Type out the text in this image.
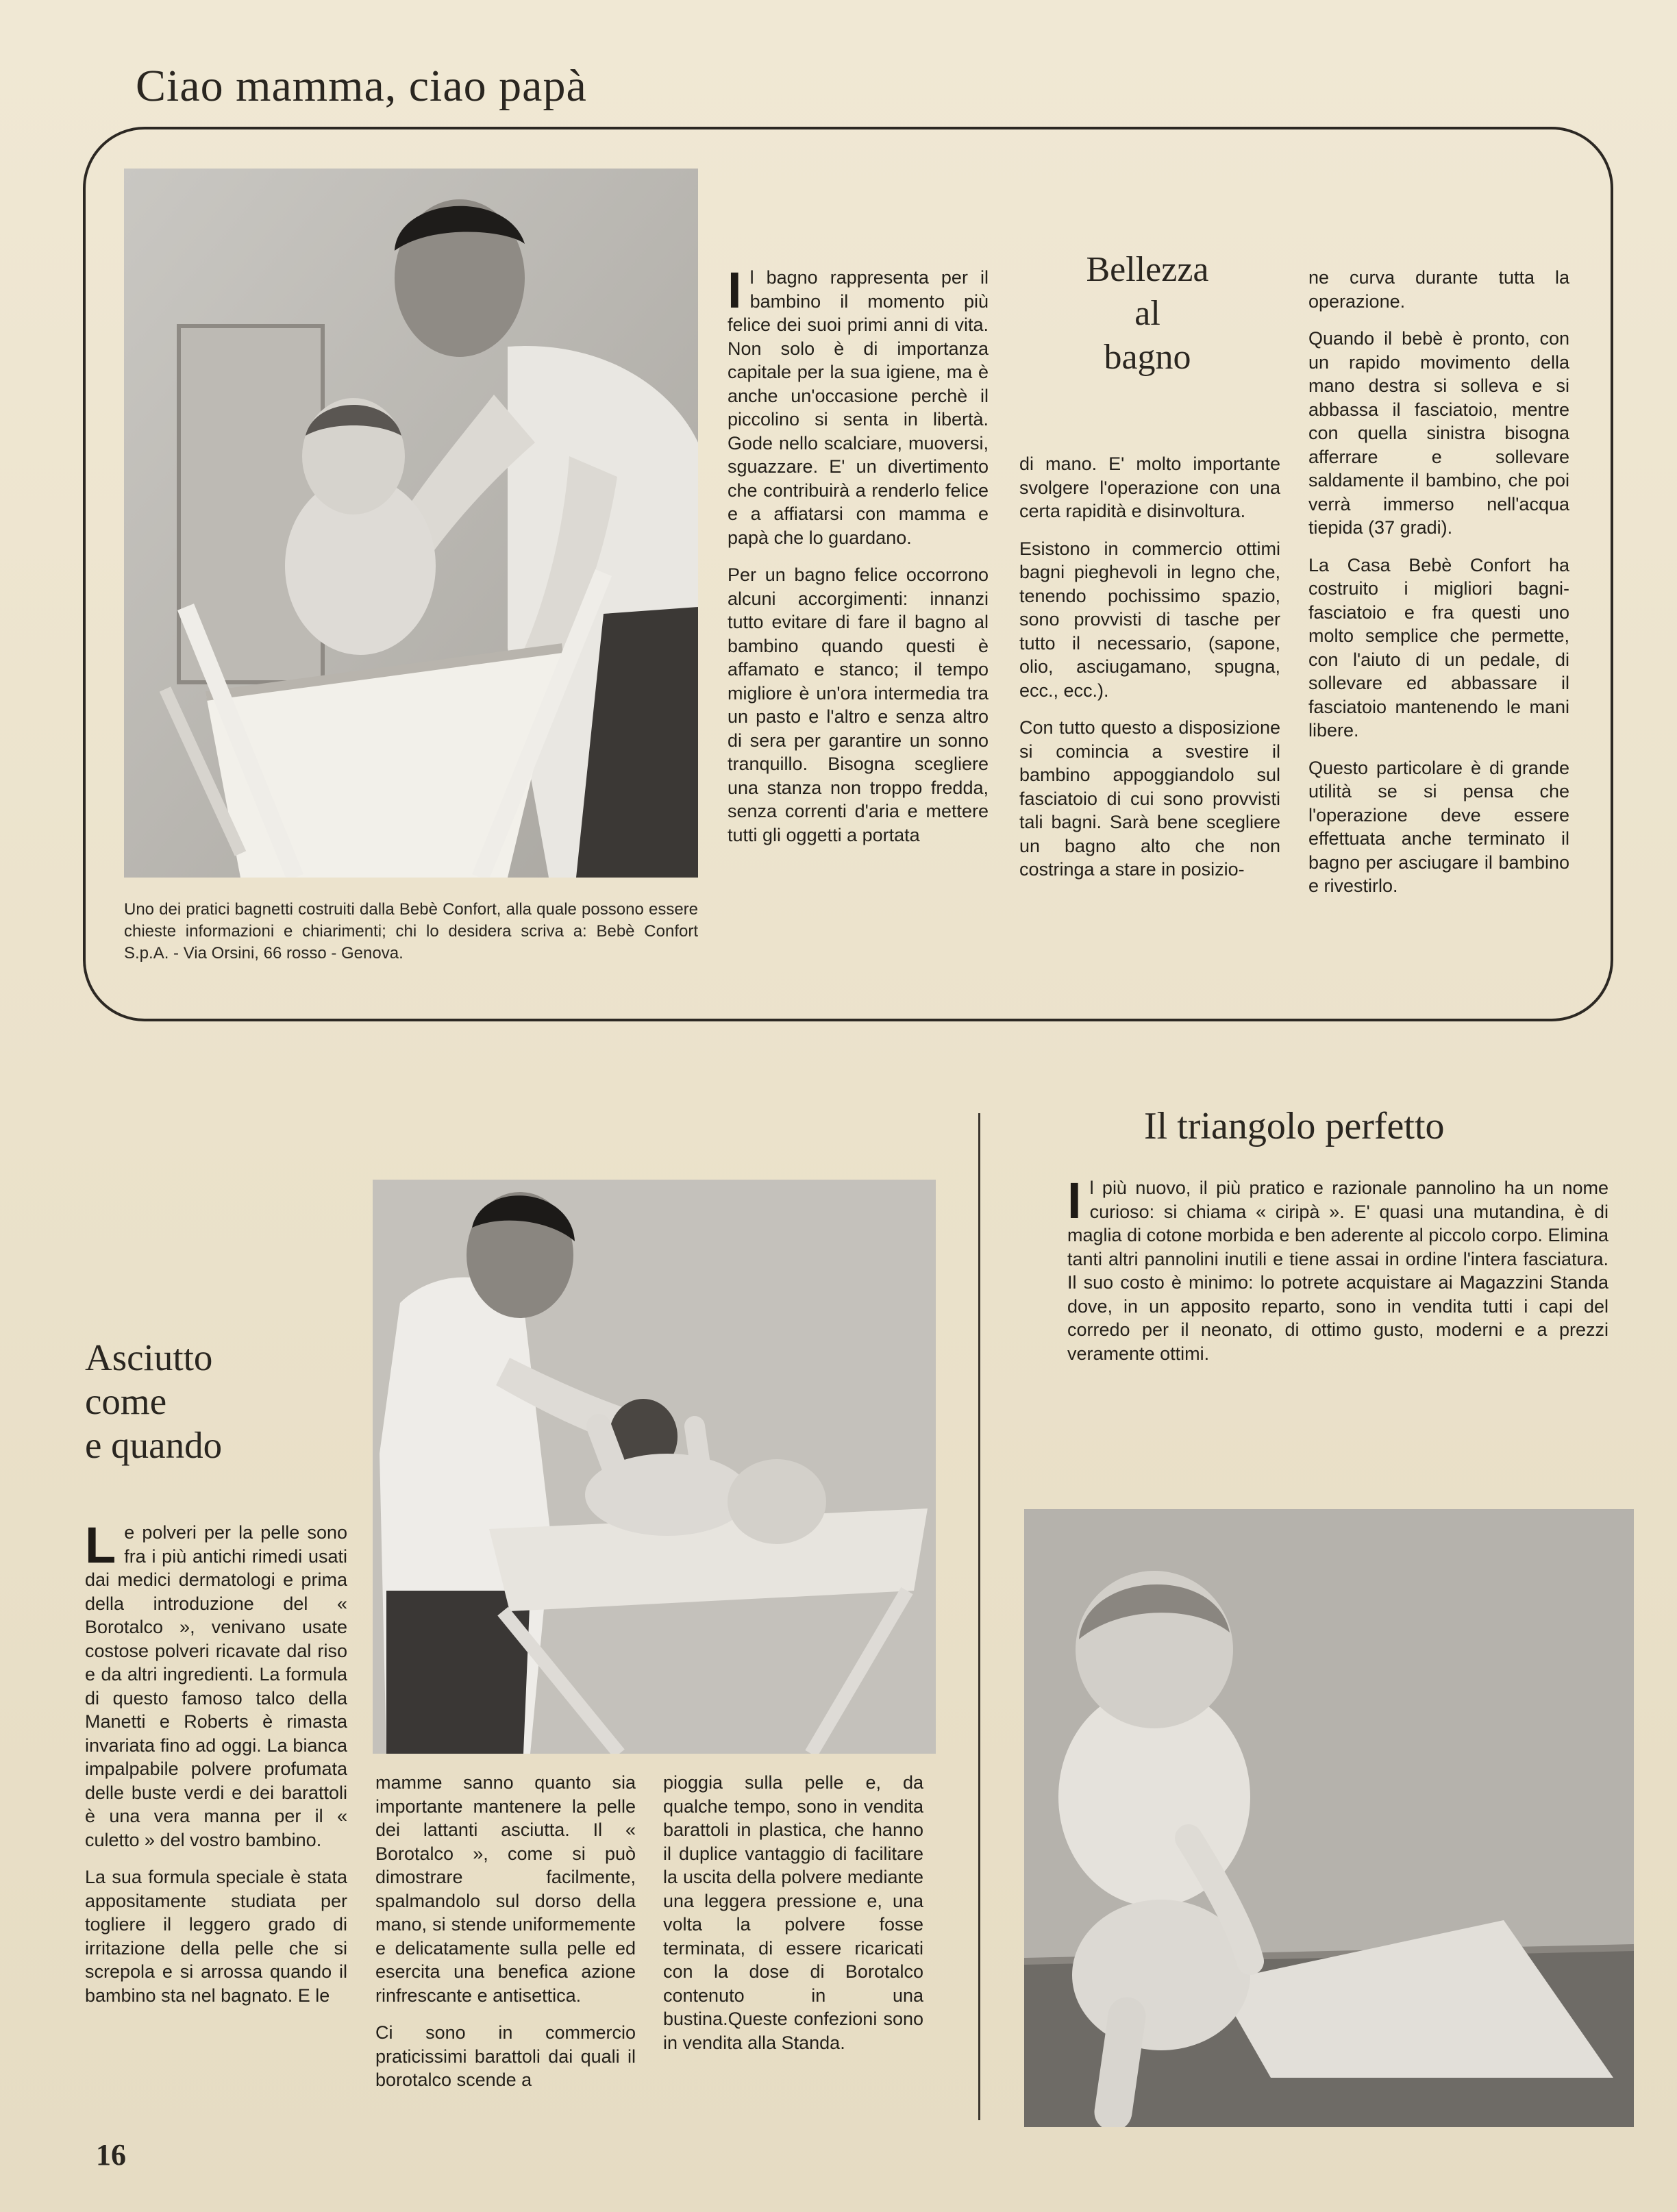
Ciao mamma, ciao papà
Uno dei pratici bagnetti costruiti dalla Bebè Confort, alla quale possono essere chieste informazioni e chiarimenti; chi lo desidera scriva a: Bebè Confort S.p.A. - Via Orsini, 66 rosso - Genova.

Il bagno rappresenta per il bambino il momento più felice dei suoi primi anni di vita. Non solo è di importanza capitale per la sua igiene, ma è anche un'occasione perchè il piccolino si senta in libertà. Gode nello scalciare, muoversi, sguazzare. E' un divertimento che contribuirà a renderlo felice e a affiatarsi con mamma e papà che lo guardano.

Per un bagno felice occorrono alcuni accorgimenti: innanzi tutto evitare di fare il bagno al bambino quando questi è affamato e stanco; il tempo migliore è un'ora intermedia tra un pasto e l'altro e senza altro di sera per garantire un sonno tranquillo. Bisogna scegliere una stanza non troppo fredda, senza correnti d'aria e mettere tutti gli oggetti a portata

Bellezza
al
bagno

di mano. E' molto importante svolgere l'operazione con una certa rapidità e disinvoltura.

Esistono in commercio ottimi bagni pieghevoli in legno che, tenendo pochissimo spazio, sono provvisti di tasche per tutto il necessario, (sapone, olio, asciugamano, spugna, ecc., ecc.).

Con tutto questo a disposizione si comincia a svestire il bambino appoggiandolo sul fasciatoio di cui sono provvisti tali bagni. Sarà bene scegliere un bagno alto che non costringa a stare in posizio-

ne curva durante tutta la operazione.

Quando il bebè è pronto, con un rapido movimento della mano destra si solleva e si abbassa il fasciatoio, mentre con quella sinistra bisogna afferrare e sollevare saldamente il bambino, che poi verrà immerso nell'acqua tiepida (37 gradi).

La Casa Bebè Confort ha costruito i migliori bagni-fasciatoio e fra questi uno molto semplice che permette, con l'aiuto di un pedale, di sollevare ed abbassare il fasciatoio mantenendo le mani libere.

Questo particolare è di grande utilità se si pensa che l'operazione deve essere effettuata anche terminato il bagno per asciugare il bambino e rivestirlo.

Asciutto
come
e quando

Le polveri per la pelle sono fra i più antichi rimedi usati dai medici dermatologi e prima della introduzione del « Borotalco », venivano usate costose polveri ricavate dal riso e da altri ingredienti. La formula di questo famoso talco della Manetti e Roberts è rimasta invariata fino ad oggi. La bianca impalpabile polvere profumata delle buste verdi e dei barattoli è una vera manna per il « culetto » del vostro bambino.

La sua formula speciale è stata appositamente studiata per togliere il leggero grado di irritazione della pelle che si screpola e si arrossa quando il bambino sta nel bagnato. E le

mamme sanno quanto sia importante mantenere la pelle dei lattanti asciutta. Il « Borotalco », come si può dimostrare facilmente, spalmandolo sul dorso della mano, si stende uniformemente e delicatamente sulla pelle ed esercita una benefica azione rinfrescante e antisettica.

Ci sono in commercio praticissimi barattoli dai quali il borotalco scende a

pioggia sulla pelle e, da qualche tempo, sono in vendita barattoli in plastica, che hanno il duplice vantaggio di facilitare la uscita della polvere mediante una leggera pressione e, una volta la polvere fosse terminata, di essere ricaricati con la dose di Borotalco contenuto in una bustina.Queste confezioni sono in vendita alla Standa.

Il triangolo perfetto

Il più nuovo, il più pratico e razionale pannolino ha un nome curioso: si chiama « ciripà ». E' quasi una mutandina, è di maglia di cotone morbida e ben aderente al piccolo corpo. Elimina tanti altri pannolini inutili e tiene assai in ordine l'intera fasciatura. Il suo costo è minimo: lo potrete acquistare ai Magazzini Standa dove, in un apposito reparto, sono in vendita tutti i capi del corredo per il neonato, di ottimo gusto, moderni e a prezzi veramente ottimi.

16
